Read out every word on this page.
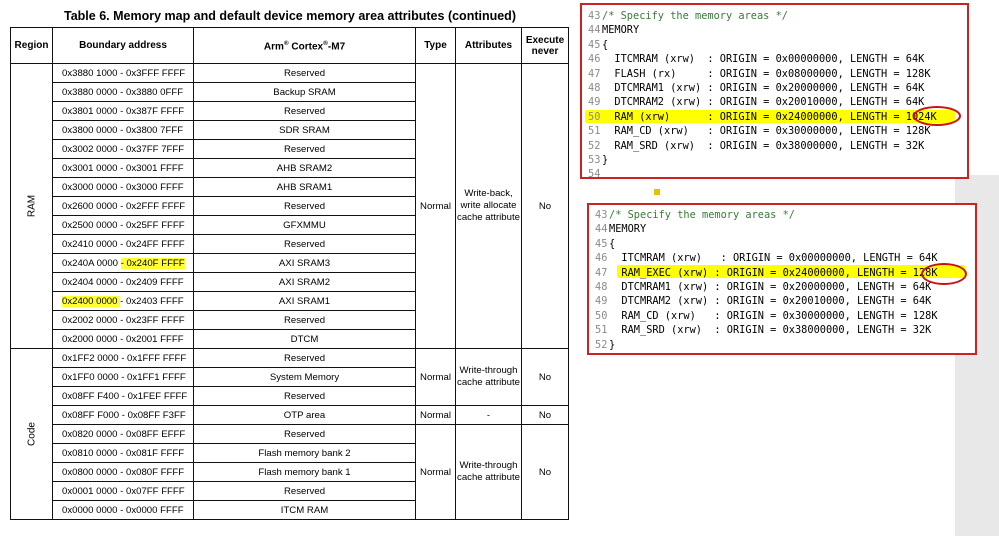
Table 6. Memory map and default device memory area attributes (continued)
Region	Boundary address	Arm® Cortex®-M7	Type	Attributes	Execute never

RAM	0x3880 1000 - 0x3FFF FFFF	Reserved	Normal	Write-back, write allocate cache attribute	No
	0x3880 0000 - 0x3880 0FFF	Backup SRAM			
	0x3801 0000 - 0x387F FFFF	Reserved			
	0x3800 0000 - 0x3800 7FFF	SDR SRAM			
	0x3002 0000 - 0x37FF 7FFF	Reserved			
	0x3001 0000 - 0x3001 FFFF	AHB SRAM2			
	0x3000 0000 - 0x3000 FFFF	AHB SRAM1			
	0x2600 0000 - 0x2FFF FFFF	Reserved			
	0x2500 0000 - 0x25FF FFFF	GFXMMU			
	0x2410 0000 - 0x24FF FFFF	Reserved			
	0x240A 0000 - 0x240F FFFF	AXI SRAM3			
	0x2404 0000 - 0x2409 FFFF	AXI SRAM2			
	0x2400 0000 - 0x2403 FFFF	AXI SRAM1			
	0x2002 0000 - 0x23FF FFFF	Reserved			
	0x2000 0000 - 0x2001 FFFF	DTCM			

Code	0x1FF2 0000 - 0x1FFF FFFF	Reserved	Normal	Write-through cache attribute	No
	0x1FF0 0000 - 0x1FF1 FFFF	System Memory			
	0x08FF F400 - 0x1FEF FFFF	Reserved			
	0x08FF F000 - 0x08FF F3FF	OTP area	Normal	-	No
	0x0820 0000 - 0x08FF EFFF	Reserved	Normal	Write-through cache attribute	No
	0x0810 0000 - 0x081F FFFF	Flash memory bank 2			
	0x0800 0000 - 0x080F FFFF	Flash memory bank 1			
	0x0001 0000 - 0x07FF FFFF	Reserved			
	0x0000 0000 - 0x0000 FFFF	ITCM RAM			
43 /* Specify the memory areas */
44 MEMORY
45 {
46  ITCMRAM (xrw)  : ORIGIN = 0x00000000, LENGTH = 64K
47  FLASH (rx)     : ORIGIN = 0x08000000, LENGTH = 128K
48  DTCMRAM1 (xrw) : ORIGIN = 0x20000000, LENGTH = 64K
49  DTCMRAM2 (xrw) : ORIGIN = 0x20010000, LENGTH = 64K
50  RAM (xrw)      : ORIGIN = 0x24000000, LENGTH = 1024K
51  RAM_CD (xrw)   : ORIGIN = 0x30000000, LENGTH = 128K
52  RAM_SRD (xrw)  : ORIGIN = 0x38000000, LENGTH = 32K
53 }
54
43 /* Specify the memory areas */
44 MEMORY
45 {
46  ITCMRAM (xrw)   : ORIGIN = 0x00000000, LENGTH = 64K
47  RAM_EXEC (xrw) : ORIGIN = 0x24000000, LENGTH = 128K
48  DTCMRAM1 (xrw) : ORIGIN = 0x20000000, LENGTH = 64K
49  DTCMRAM2 (xrw) : ORIGIN = 0x20010000, LENGTH = 64K
50  RAM_CD (xrw)   : ORIGIN = 0x30000000, LENGTH = 128K
51  RAM_SRD (xrw)  : ORIGIN = 0x38000000, LENGTH = 32K
52 }
